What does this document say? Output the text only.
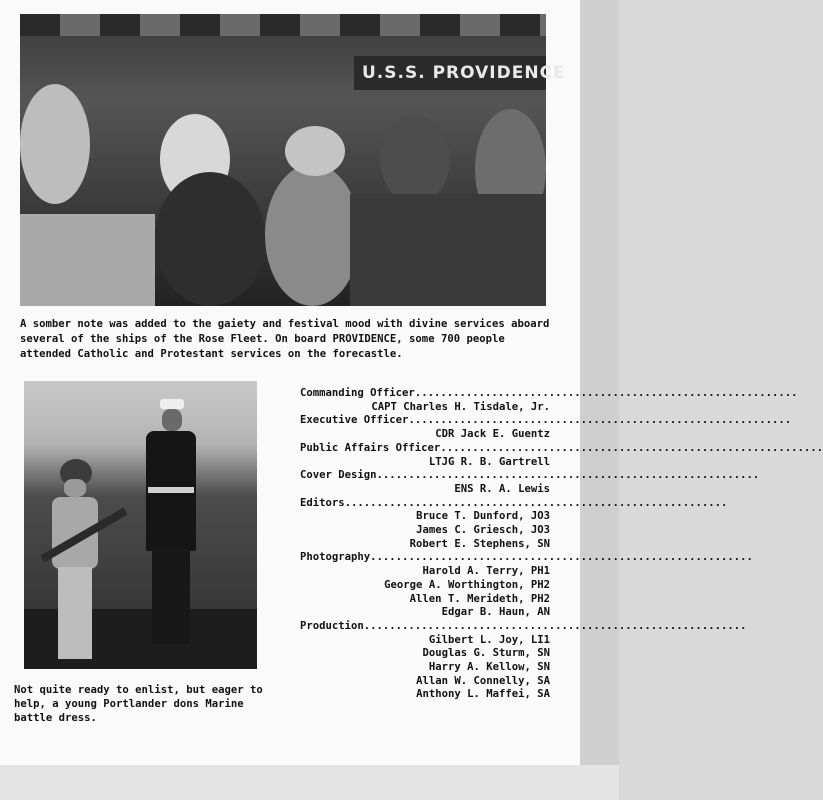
U.S.S. PROVIDENCE

A somber note was added to the gaiety and festival mood with divine services aboard several of the ships of the Rose Fleet. On board PROVIDENCE, some 700 people attended Catholic and Protestant services on the forecastle.

Not quite ready to enlist, but eager to help, a young Portlander dons Marine battle dress.

Commanding Officer ............................................................
CAPT Charles H. Tisdale, Jr.
Executive Officer ............................................................
CDR Jack E. Guentz
Public Affairs Officer ............................................................
LTJG R. B. Gartrell
Cover Design ............................................................
ENS R. A. Lewis
Editors ............................................................
Bruce T. Dunford, JO3
James C. Griesch, JO3
Robert E. Stephens, SN
Photography ............................................................
Harold A. Terry, PH1
George A. Worthington, PH2
Allen T. Merideth, PH2
Edgar B. Haun, AN
Production ............................................................
Gilbert L. Joy, LI1
Douglas G. Sturm, SN
Harry A. Kellow, SN
Allan W. Connelly, SA
Anthony L. Maffei, SA
